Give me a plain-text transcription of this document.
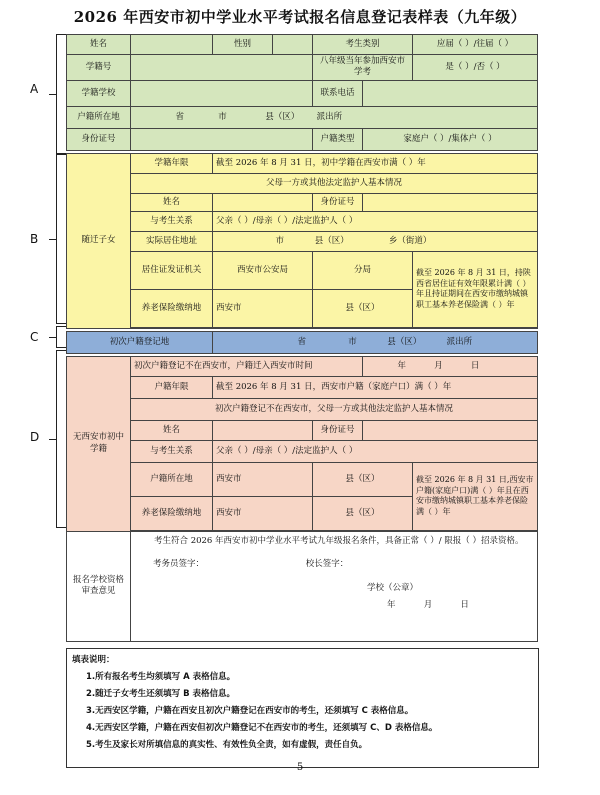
2026 年西安市初中学业水平考试报名信息登记表样表（九年级）
A
B
C
D
姓名		性别		考生类别		应届（ ）/往届（ ）
学籍号				八年级当年参加西安市学考		是（ ）/否（ ）
学籍学校				联系电话		
户籍所在地	省 市 县（区） 派出所					
身份证号				户籍类型	家庭户（ ）/集体户（ ）	

随迁子女	学籍年限	截至 2026 年 8 月 31 日，初中学籍在西安市满（ ）年				
	父母一方或其他法定监护人基本情况					
	姓名			身份证号		
	与考生关系	父亲（ ）/母亲（ ）/法定监护人（ ）				
	实际居住地址	市 县（区） 乡（街道）				
	居住证发证机关	西安市公安局		分局		截至 2026 年 8 月 31 日，持陕西省居住证有效年限累计满（ ）年且持证期间在西安市缴纳城镇职工基本养老保险满（ ）年
	养老保险缴纳地	西安市		县（区）		

初次户籍登记地		省 市 县（区） 派出所				

无西安市初中学籍	初次户籍登记不在西安市，户籍迁入西安市时间				年 月 日	
	户籍年限	截至 2026 年 8 月 31 日，西安市户籍（家庭户口）满（ ）年				
	初次户籍登记不在西安市，父母一方或其他法定监护人基本情况					
	姓名			身份证号		
	与考生关系	父亲（ ）/母亲（ ）/法定监护人（ ）				
	户籍所在地	西安市		县（区）		截至 2026 年 8 月 31 日,西安市户籍(家庭户口)满（ ）年且在西安市缴纳城镇职工基本养老保险满（ ）年
	养老保险缴纳地	西安市		县（区）		

报名学校资格审查意见	考生符合 2026 年西安市初中学业水平考试九年级报名条件，具备正常（ ）/ 限报（ ）招录资格。
考务员签字： 校长签字：
学校（公章）
年 月 日					
填表说明：
1.所有报名考生均须填写 A 表格信息。
2.随迁子女考生还须填写 B 表格信息。
3.无西安区学籍，户籍在西安且初次户籍登记在西安市的考生，还须填写 C 表格信息。
4.无西安区学籍，户籍在西安但初次户籍登记不在西安市的考生，还须填写 C、D 表格信息。
5.考生及家长对所填信息的真实性、有效性负全责，如有虚假，责任自负。
5
